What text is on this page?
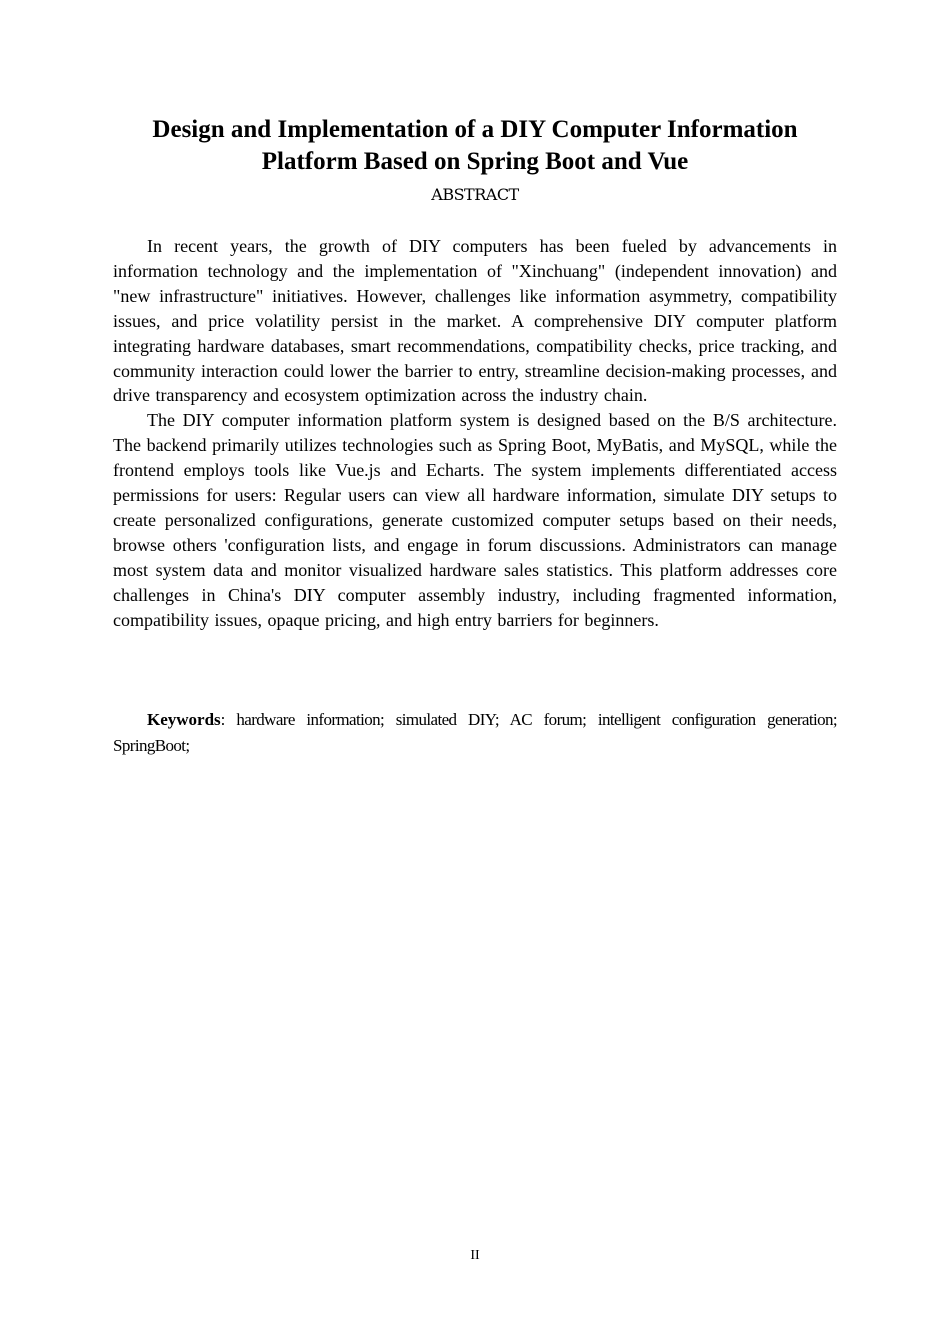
Design and Implementation of a DIY Computer Information Platform Based on Spring Boot and Vue
ABSTRACT

In recent years, the growth of DIY computers has been fueled by advancements in information technology and the implementation of "Xinchuang" (independent innovation) and "new infrastructure" initiatives. However, challenges like information asymmetry, compatibility issues, and price volatility persist in the market. A comprehensive DIY computer platform integrating hardware databases, smart recommendations, compatibility checks, price tracking, and community interaction could lower the barrier to entry, streamline decision-making processes, and drive transparency and ecosystem optimization across the industry chain.

The DIY computer information platform system is designed based on the B/S architecture. The backend primarily utilizes technologies such as Spring Boot, MyBatis, and MySQL, while the frontend employs tools like Vue.js and Echarts. The system implements differentiated access permissions for users: Regular users can view all hardware information, simulate DIY setups to create personalized configurations, generate customized computer setups based on their needs, browse others 'configuration lists, and engage in forum discussions. Administrators can manage most system data and monitor visualized hardware sales statistics. This platform addresses core challenges in China's DIY computer assembly industry, including fragmented information, compatibility issues, opaque pricing, and high entry barriers for beginners.

Keywords: hardware information; simulated DIY; AC forum; intelligent configuration generation; SpringBoot;

II
